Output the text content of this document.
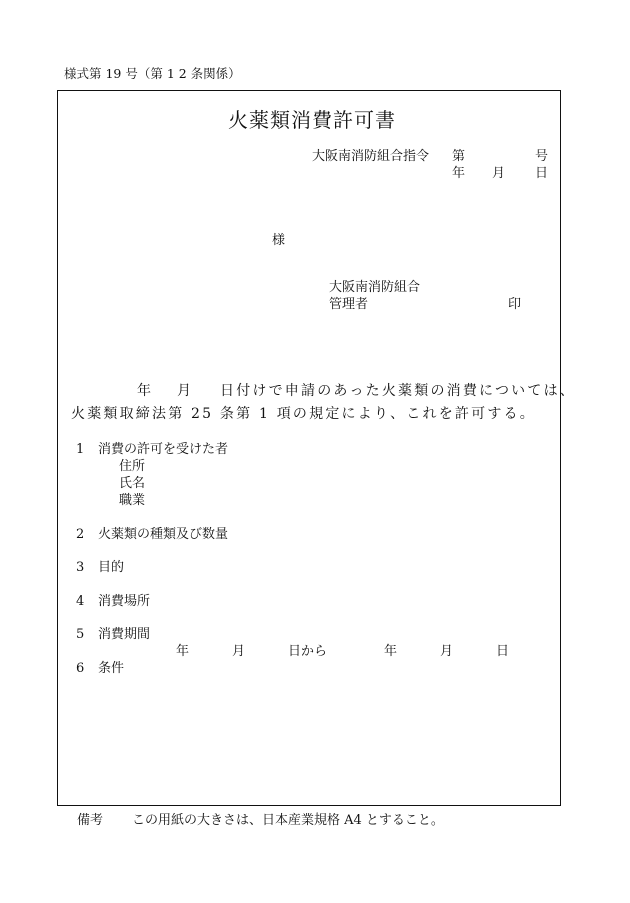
様式第 19 号（第 1 2 条関係）
火薬類消費許可書
大阪南消防組合指令 第	号
年 月 日
様
大阪南消防組合
管理者	印
年 月 日付けで申請のあった火薬類の消費については、
火薬類取締法第 25 条第 1 項の規定により、これを許可する。
1 消費の許可を受けた者
住所
氏名
職業
2 火薬類の種類及び数量
3 目的
4 消費場所
5 消費期間
年	月	日から	年	月	日
6 条件
備考 この用紙の大きさは、日本産業規格 A4 とすること。
